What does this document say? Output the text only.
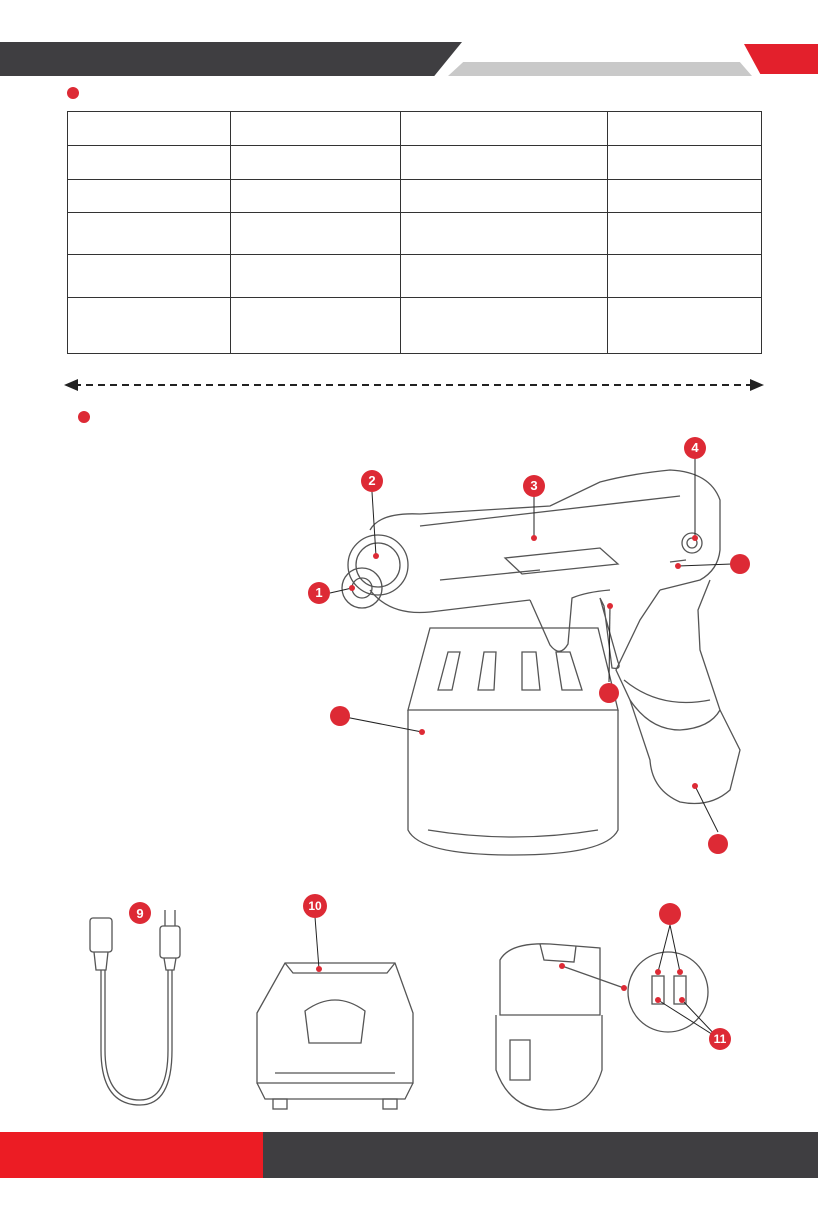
1
2	3
4
9	10
11
